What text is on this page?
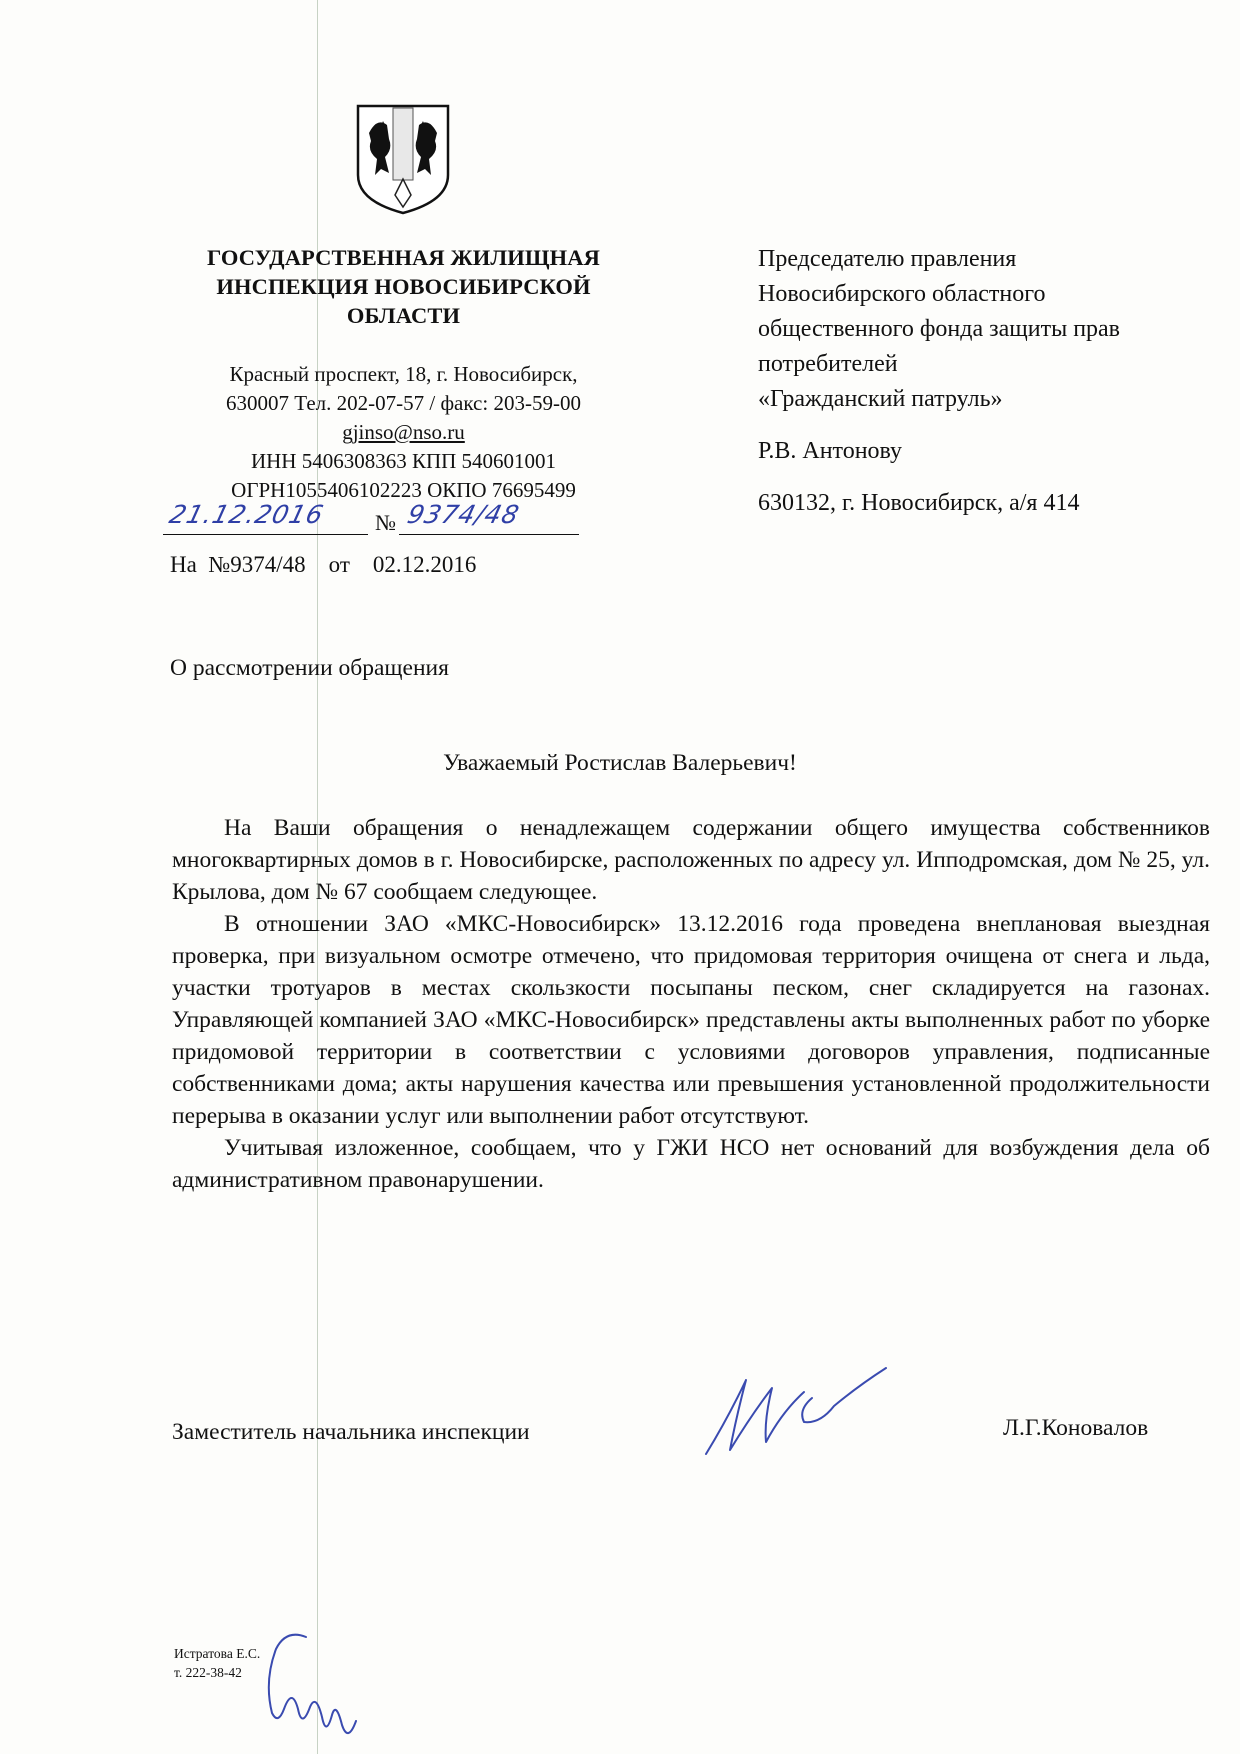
ГОСУДАРСТВЕННАЯ ЖИЛИЩНАЯ
ИНСПЕКЦИЯ НОВОСИБИРСКОЙ
ОБЛАСТИ
Красный проспект, 18, г. Новосибирск,
630007 Тел. 202-07-57 / факс: 203-59-00
gjinso@nso.ru
ИНН 5406308363 КПП 540601001
ОГРН1055406102223 ОКПО 76695499
21.12.2016	№ 9374/48
На №9374/48 от 02.12.2016
Председателю правления
Новосибирского областного
общественного фонда защиты прав
потребителей
«Гражданский патруль»
Р.В. Антонову
630132, г. Новосибирск, а/я 414
О рассмотрении обращения
Уважаемый Ростислав Валерьевич!

На Ваши обращения о ненадлежащем содержании общего имущества собственников многоквартирных домов в г. Новосибирске, расположенных по адресу ул. Ипподромская, дом № 25, ул. Крылова, дом № 67 сообщаем следующее.

В отношении ЗАО «МКС-Новосибирск» 13.12.2016 года проведена внеплановая выездная проверка, при визуальном осмотре отмечено, что придомовая территория очищена от снега и льда, участки тротуаров в местах скользкости посыпаны песком, снег складируется на газонах. Управляющей компанией ЗАО «МКС-Новосибирск» представлены акты выполненных работ по уборке придомовой территории в соответствии с условиями договоров управления, подписанные собственниками дома; акты нарушения качества или превышения установленной продолжительности перерыва в оказании услуг или выполнении работ отсутствуют.

Учитывая изложенное, сообщаем, что у ГЖИ НСО нет оснований для возбуждения дела об административном правонарушении.

Заместитель начальника инспекции	Л.Г.Коновалов
Истратова Е.С.
т. 222-38-42
